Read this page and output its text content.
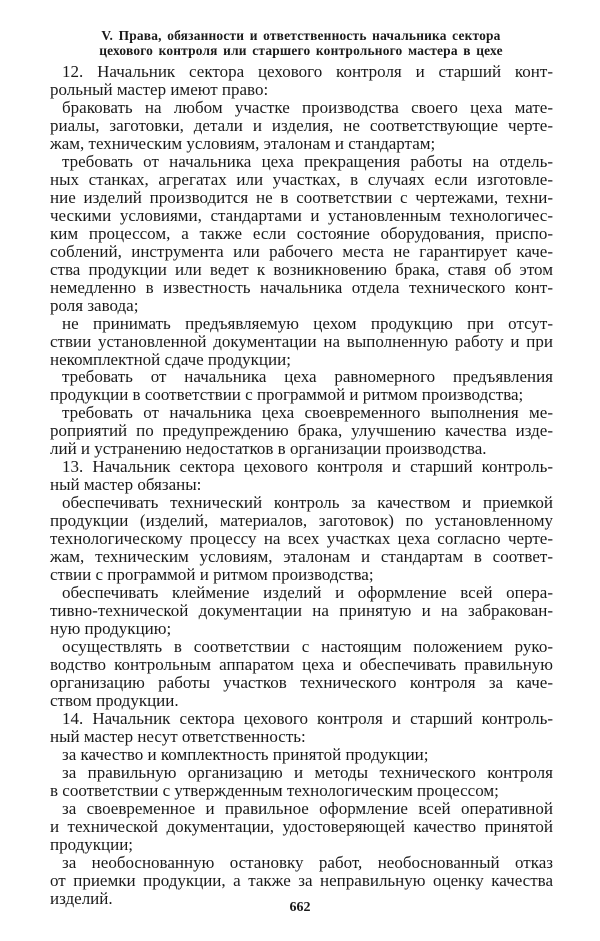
V. Права, обязанности и ответственность начальника сектора
цехового контроля или старшего контрольного мастера в цехе
12. Начальник сектора цехового контроля и старший конт-
рольный мастер имеют право:
браковать на любом участке производства своего цеха мате-
риалы, заготовки, детали и изделия, не соответствующие черте-
жам, техническим условиям, эталонам и стандартам;
требовать от начальника цеха прекращения работы на отдель-
ных станках, агрегатах или участках, в случаях если изготовле-
ние изделий производится не в соответствии с чертежами, техни-
ческими условиями, стандартами и установленным технологичес-
ким процессом, а также если состояние оборудования, приспо-
соблений, инструмента или рабочего места не гарантирует каче-
ства продукции или ведет к возникновению брака, ставя об этом
немедленно в известность начальника отдела технического конт-
роля завода;
не принимать предъявляемую цехом продукцию при отсут-
ствии установленной документации на выполненную работу и при
некомплектной сдаче продукции;
требовать от начальника цеха равномерного предъявления
продукции в соответствии с программой и ритмом производства;
требовать от начальника цеха своевременного выполнения ме-
роприятий по предупреждению брака, улучшению качества изде-
лий и устранению недостатков в организации производства.
13. Начальник сектора цехового контроля и старший контроль-
ный мастер обязаны:
обеспечивать технический контроль за качеством и приемкой
продукции (изделий, материалов, заготовок) по установленному
технологическому процессу на всех участках цеха согласно черте-
жам, техническим условиям, эталонам и стандартам в соответ-
ствии с программой и ритмом производства;
обеспечивать клеймение изделий и оформление всей опера-
тивно-технической документации на принятую и на забракован-
ную продукцию;
осуществлять в соответствии с настоящим положением руко-
водство контрольным аппаратом цеха и обеспечивать правильную
организацию работы участков технического контроля за каче-
ством продукции.
14. Начальник сектора цехового контроля и старший контроль-
ный мастер несут ответственность:
за качество и комплектность принятой продукции;
за правильную организацию и методы технического контроля
в соответствии с утвержденным технологическим процессом;
за своевременное и правильное оформление всей оперативной
и технической документации, удостоверяющей качество принятой
продукции;
за необоснованную остановку работ, необоснованный отказ
от приемки продукции, а также за неправильную оценку качества
изделий.	662
